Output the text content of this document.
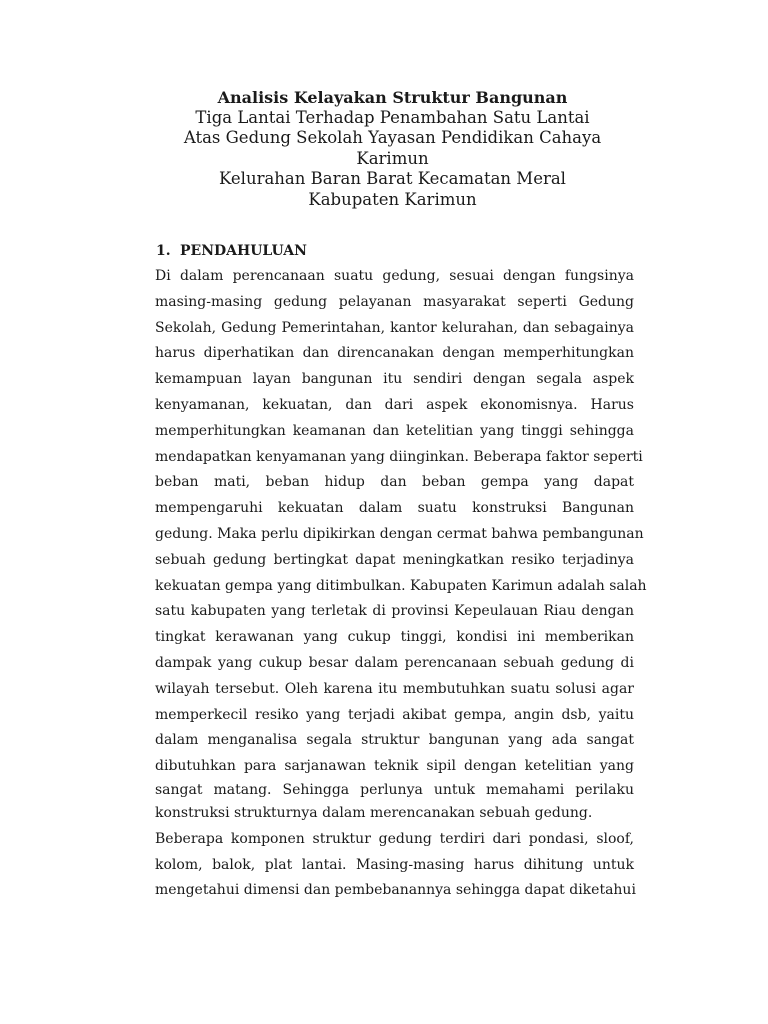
Analisis Kelayakan Struktur Bangunan
Tiga Lantai Terhadap Penambahan Satu Lantai
Atas Gedung Sekolah Yayasan Pendidikan Cahaya
Karimun
Kelurahan Baran Barat Kecamatan Meral
Kabupaten Karimun
1. PENDAHULUAN
Di dalam perencanaan suatu gedung, sesuai dengan fungsinya
masing-masing gedung pelayanan masyarakat seperti Gedung
Sekolah, Gedung Pemerintahan, kantor kelurahan, dan sebagainya
harus diperhatikan dan direncanakan dengan memperhitungkan
kemampuan layan bangunan itu sendiri dengan segala aspek
kenyamanan, kekuatan, dan dari aspek ekonomisnya. Harus
memperhitungkan keamanan dan ketelitian yang tinggi sehingga
mendapatkan kenyamanan yang diinginkan. Beberapa faktor seperti
beban mati, beban hidup dan beban gempa yang dapat
mempengaruhi kekuatan dalam suatu konstruksi Bangunan
gedung. Maka perlu dipikirkan dengan cermat bahwa pembangunan
sebuah gedung bertingkat dapat meningkatkan resiko terjadinya
kekuatan gempa yang ditimbulkan. Kabupaten Karimun adalah salah
satu kabupaten yang terletak di provinsi Kepeulauan Riau dengan
tingkat kerawanan yang cukup tinggi, kondisi ini memberikan
dampak yang cukup besar dalam perencanaan sebuah gedung di
wilayah tersebut. Oleh karena itu membutuhkan suatu solusi agar
memperkecil resiko yang terjadi akibat gempa, angin dsb, yaitu
dalam menganalisa segala struktur bangunan yang ada sangat
dibutuhkan para sarjanawan teknik sipil dengan ketelitian yang
sangat matang. Sehingga perlunya untuk memahami perilaku
konstruksi strukturnya dalam merencanakan sebuah gedung.
Beberapa komponen struktur gedung terdiri dari pondasi, sloof,
kolom, balok, plat lantai. Masing-masing harus dihitung untuk
mengetahui dimensi dan pembebanannya sehingga dapat diketahui
